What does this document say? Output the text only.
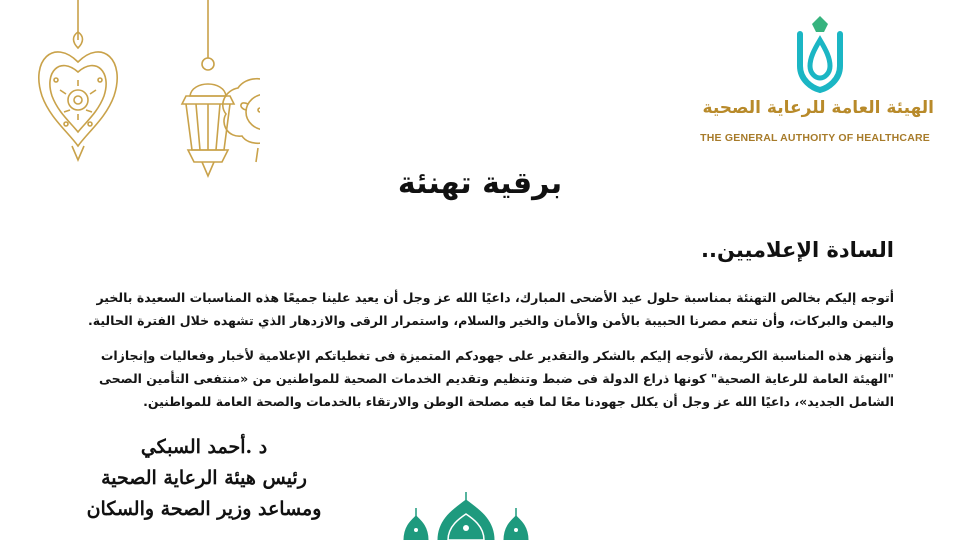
الهيئة العامة للرعاية الصحية
THE GENERAL AUTHOITY OF HEALTHCARE
برقية تهنئة
السادة الإعلاميين..
أتوجه إليكم بخالص التهنئة بمناسبة حلول عيد الأضحى المبارك، داعيًا الله عز وجل أن يعيد علينا جميعًا هذه المناسبات السعيدة بالخير واليمن والبركات، وأن تنعم مصرنا الحبيبة بالأمن والأمان والخير والسلام، واستمرار الرقى والازدهار الذي تشهده خلال الفترة الحالية.
وأنتهز هذه المناسبة الكريمة، لأتوجه إليكم بالشكر والتقدير على جهودكم المتميزة فى تغطياتكم الإعلامية لأخبار وفعاليات وإنجازات "الهيئة العامة للرعاية الصحية" كونها ذراع الدولة فى ضبط وتنظيم وتقديم الخدمات الصحية للمواطنين من «منتفعى التأمين الصحى الشامل الجديد»، داعيًا الله عز وجل أن يكلل جهودنا معًا لما فيه مصلحة الوطن والارتقاء بالخدمات والصحة العامة للمواطنين.
د .أحمد السبكي
رئيس هيئة الرعاية الصحية
ومساعد وزير الصحة والسكان
